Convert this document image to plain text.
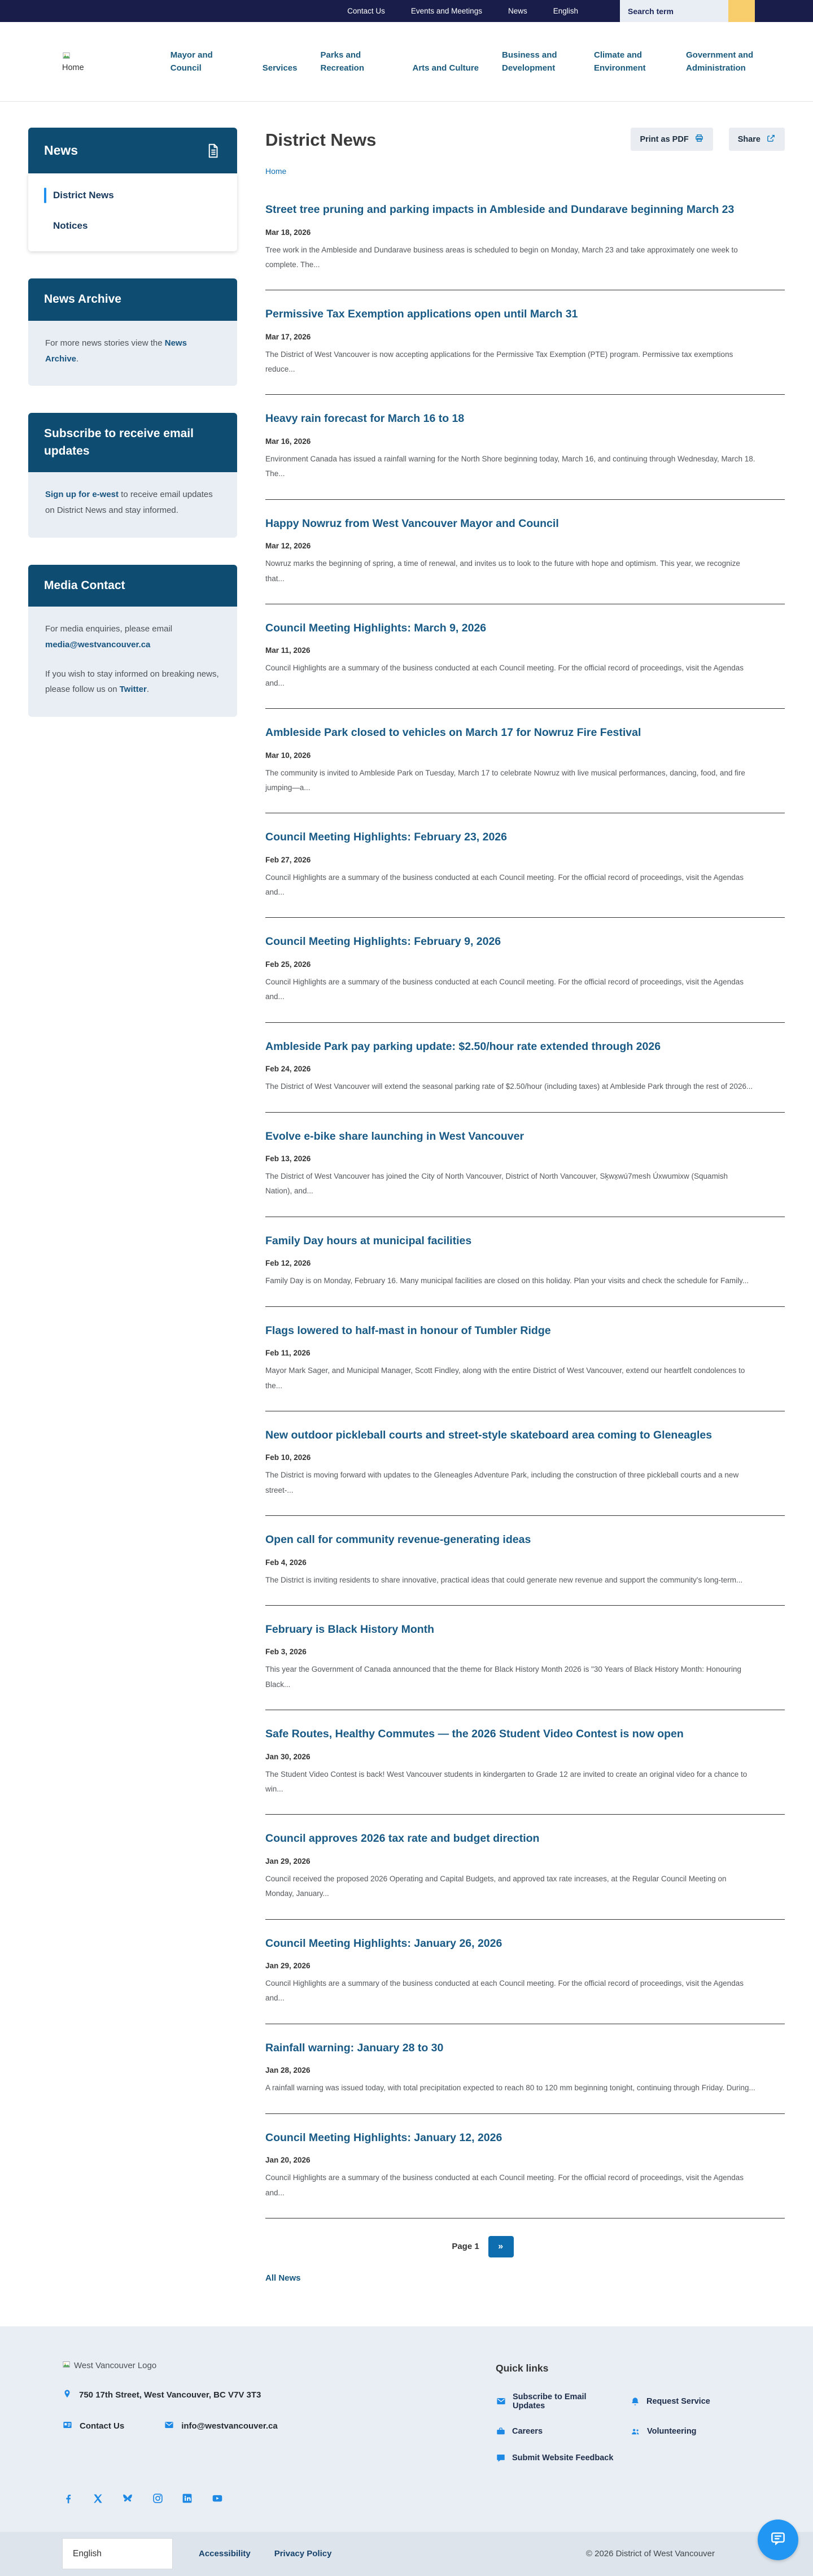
Contact Us	Events and Meetings	News	English
Search term
Home
Mayor and Council	Services
Parks and Recreation	Arts and Culture
Business and Development
Climate and Environment
Government and Administration
News
District News
Notices
News Archive

For more news stories view the News Archive.

Subscribe to receive email updates

Sign up for e-west to receive email updates on District News and stay informed.

Media Contact

For media enquiries, please email media@westvancouver.ca

If you wish to stay informed on breaking news, please follow us on Twitter.

District News	Print as PDF	Share
Home
Street tree pruning and parking impacts in Ambleside and Dundarave beginning March 23
Mar 18, 2026
Tree work in the Ambleside and Dundarave business areas is scheduled to begin on Monday, March 23 and take approximately one week to complete. The...
Permissive Tax Exemption applications open until March 31
Mar 17, 2026
The District of West Vancouver is now accepting applications for the Permissive Tax Exemption (PTE) program. Permissive tax exemptions reduce...
Heavy rain forecast for March 16 to 18
Mar 16, 2026
Environment Canada has issued a rainfall warning for the North Shore beginning today, March 16, and continuing through Wednesday, March 18. The...
Happy Nowruz from West Vancouver Mayor and Council
Mar 12, 2026
Nowruz marks the beginning of spring, a time of renewal, and invites us to look to the future with hope and optimism. This year, we recognize that...
Council Meeting Highlights: March 9, 2026
Mar 11, 2026
Council Highlights are a summary of the business conducted at each Council meeting. For the official record of proceedings, visit the Agendas and...
Ambleside Park closed to vehicles on March 17 for Nowruz Fire Festival
Mar 10, 2026
The community is invited to Ambleside Park on Tuesday, March 17 to celebrate Nowruz with live musical performances, dancing, food, and fire jumping—a...
Council Meeting Highlights: February 23, 2026
Feb 27, 2026
Council Highlights are a summary of the business conducted at each Council meeting. For the official record of proceedings, visit the Agendas and...
Council Meeting Highlights: February 9, 2026
Feb 25, 2026
Council Highlights are a summary of the business conducted at each Council meeting. For the official record of proceedings, visit the Agendas and...
Ambleside Park pay parking update: $2.50/hour rate extended through 2026
Feb 24, 2026
The District of West Vancouver will extend the seasonal parking rate of $2.50/hour (including taxes) at Ambleside Park through the rest of 2026...
Evolve e-bike share launching in West Vancouver
Feb 13, 2026
The District of West Vancouver has joined the City of North Vancouver, District of North Vancouver, Sḵwx̱wú7mesh Úxwumixw (Squamish Nation), and...
Family Day hours at municipal facilities
Feb 12, 2026
Family Day is on Monday, February 16. Many municipal facilities are closed on this holiday. Plan your visits and check the schedule for Family...
Flags lowered to half-mast in honour of Tumbler Ridge
Feb 11, 2026
Mayor Mark Sager, and Municipal Manager, Scott Findley, along with the entire District of West Vancouver, extend our heartfelt condolences to the...
New outdoor pickleball courts and street-style skateboard area coming to Gleneagles
Feb 10, 2026
The District is moving forward with updates to the Gleneagles Adventure Park, including the construction of three pickleball courts and a new street-...
Open call for community revenue-generating ideas
Feb 4, 2026
The District is inviting residents to share innovative, practical ideas that could generate new revenue and support the community's long-term...
February is Black History Month
Feb 3, 2026
This year the Government of Canada announced that the theme for Black History Month 2026 is "30 Years of Black History Month: Honouring Black...
Safe Routes, Healthy Commutes — the 2026 Student Video Contest is now open
Jan 30, 2026
The Student Video Contest is back! West Vancouver students in kindergarten to Grade 12 are invited to create an original video for a chance to win...
Council approves 2026 tax rate and budget direction
Jan 29, 2026
Council received the proposed 2026 Operating and Capital Budgets, and approved tax rate increases, at the Regular Council Meeting on Monday, January...
Council Meeting Highlights: January 26, 2026
Jan 29, 2026
Council Highlights are a summary of the business conducted at each Council meeting. For the official record of proceedings, visit the Agendas and...
Rainfall warning: January 28 to 30
Jan 28, 2026
A rainfall warning was issued today, with total precipitation expected to reach 80 to 120 mm beginning tonight, continuing through Friday. During...
Council Meeting Highlights: January 12, 2026
Jan 20, 2026
Council Highlights are a summary of the business conducted at each Council meeting. For the official record of proceedings, visit the Agendas and...
Page 1	»
All News
West Vancouver Logo
750 17th Street, West Vancouver, BC V7V 3T3
Contact Us	info@westvancouver.ca
Quick links
Subscribe to Email Updates	Request Service
Careers	Volunteering
Submit Website Feedback
English	Accessibility	Privacy Policy	© 2026 District of West Vancouver
